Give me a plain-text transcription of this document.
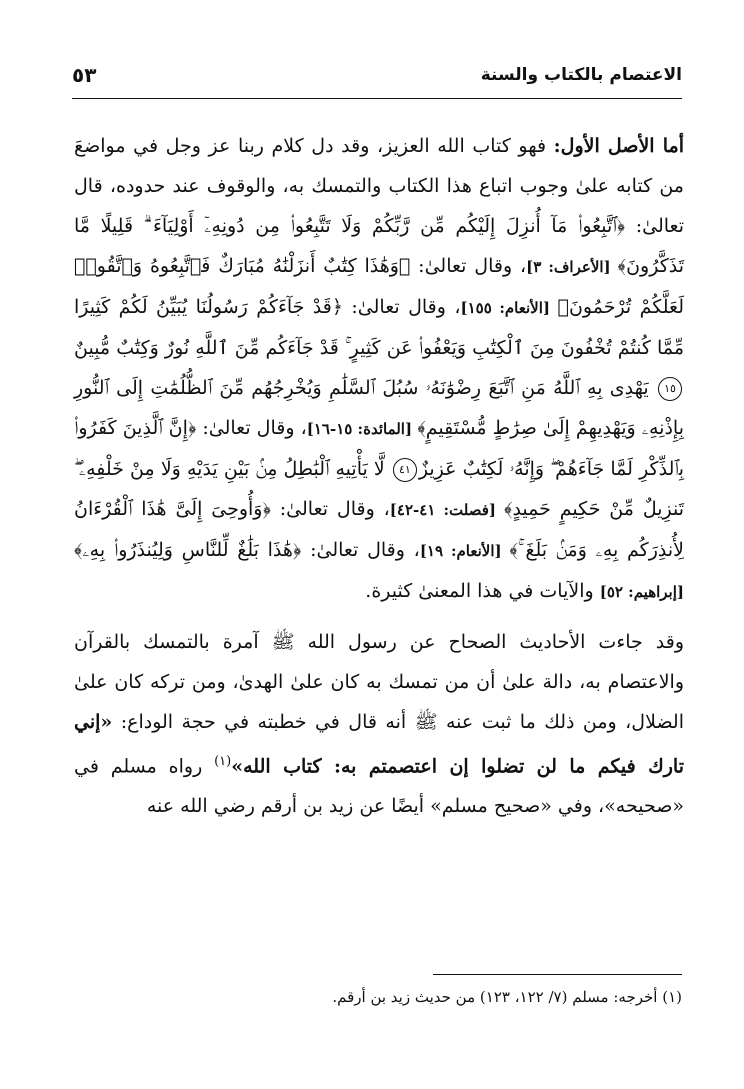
الاعتصام بالكتاب والسنة
٥٣

أما الأصل الأول: فهو كتاب الله العزيز، وقد دل كلام ربنا عز وجل في مواضعَ من كتابه علىٰ وجوب اتباع هذا الكتاب والتمسك به، والوقوف عند حدوده، قال تعالىٰ: ﴿ٱتَّبِعُوا۟ مَآ أُنزِلَ إِلَيْكُم مِّن رَّبِّكُمْ وَلَا تَتَّبِعُوا۟ مِن دُونِهِۦٓ أَوْلِيَآءَ ۗ قَلِيلًا مَّا تَذَكَّرُونَ﴾ [الأعراف: ٣]، وقال تعالىٰ: ﴿وَهَٰذَا كِتَٰبٌ أَنزَلْنَٰهُ مُبَارَكٌ فَٱتَّبِعُوهُ وَٱتَّقُوا۟ لَعَلَّكُمْ تُرْحَمُونَ﴾ [الأنعام: ١٥٥]، وقال تعالىٰ: ﴿قَدْ جَآءَكُمْ رَسُولُنَا يُبَيِّنُ لَكُمْ كَثِيرًا مِّمَّا كُنتُمْ تُخْفُونَ مِنَ ٱلْكِتَٰبِ وَيَعْفُوا۟ عَن كَثِيرٍ ۚ قَدْ جَآءَكُم مِّنَ ٱللَّهِ نُورٌ وَكِتَٰبٌ مُّبِينٌ١٥ يَهْدِى بِهِ ٱللَّهُ مَنِ ٱتَّبَعَ رِضْوَٰنَهُۥ سُبُلَ ٱلسَّلَٰمِ وَيُخْرِجُهُم مِّنَ ٱلظُّلُمَٰتِ إِلَى ٱلنُّورِ بِإِذْنِهِۦ وَيَهْدِيهِمْ إِلَىٰ صِرَٰطٍ مُّسْتَقِيمٍ﴾ [المائدة: ١٥-١٦]، وقال تعالىٰ: ﴿إِنَّ ٱلَّذِينَ كَفَرُوا۟ بِٱلذِّكْرِ لَمَّا جَآءَهُمْ ۖ وَإِنَّهُۥ لَكِتَٰبٌ عَزِيزٌ٤١ لَّا يَأْتِيهِ ٱلْبَٰطِلُ مِنۢ بَيْنِ يَدَيْهِ وَلَا مِنْ خَلْفِهِۦ ۖ تَنزِيلٌ مِّنْ حَكِيمٍ حَمِيدٍ﴾ [فصلت: ٤١-٤٢]، وقال تعالىٰ: ﴿وَأُوحِىَ إِلَىَّ هَٰذَا ٱلْقُرْءَانُ لِأُنذِرَكُم بِهِۦ وَمَنۢ بَلَغَ ۚ﴾ [الأنعام: ١٩]، وقال تعالىٰ: ﴿هَٰذَا بَلَٰغٌ لِّلنَّاسِ وَلِيُنذَرُوا۟ بِهِۦ﴾ [إبراهيم: ٥٢] والآيات في هذا المعنىٰ كثيرة.

وقد جاءت الأحاديث الصحاح عن رسول الله ﷺ آمرة بالتمسك بالقرآن والاعتصام به، دالة علىٰ أن من تمسك به كان علىٰ الهدىٰ، ومن تركه كان علىٰ الضلال، ومن ذلك ما ثبت عنه ﷺ أنه قال في خطبته في حجة الوداع: «إني تارك فيكم ما لن تضلوا إن اعتصمتم به: كتاب الله»$^{(١)}$ رواه مسلم في «صحيحه»، وفي «صحيح مسلم» أيضًا عن زيد بن أرقم رضي الله عنه

(١) أخرجه: مسلم (٧/ ١٢٢، ١٢٣) من حديث زيد بن أرقم.
